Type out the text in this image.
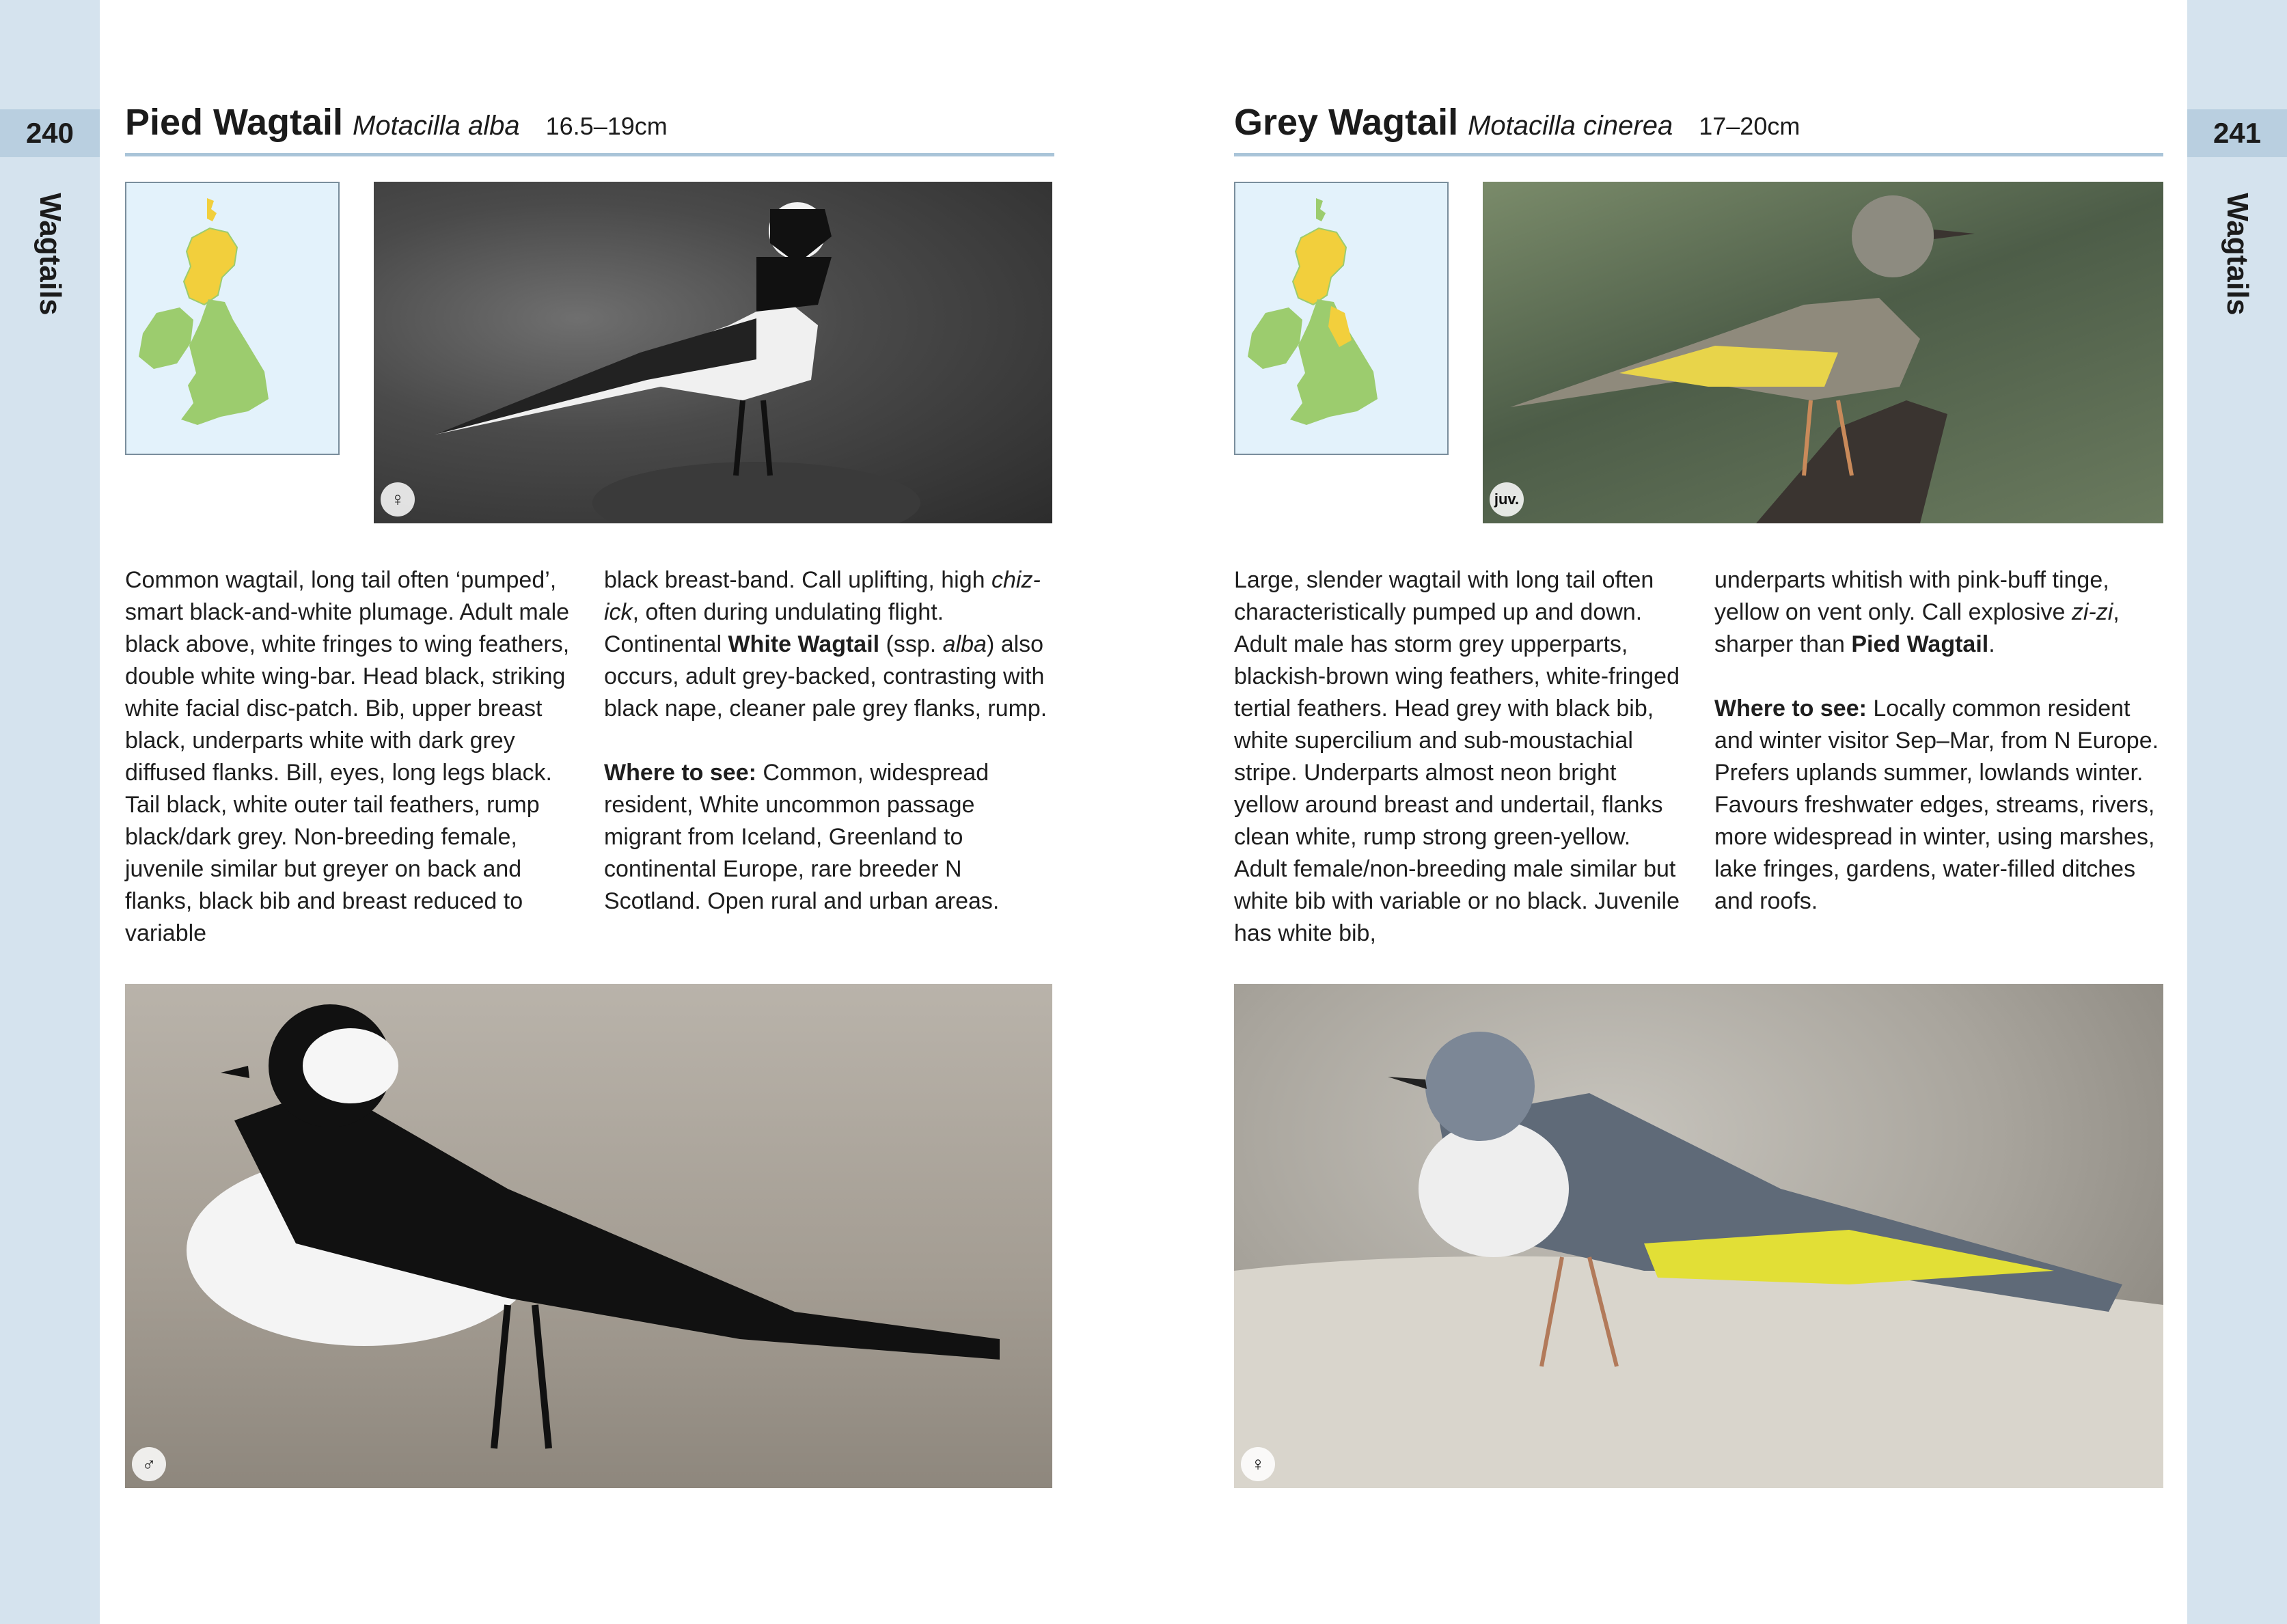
240	241
Wagtails	Wagtails
Pied Wagtail Motacilla alba 16.5–19cm
♀

Common wagtail, long tail often ‘pumped’, smart black-and-white plumage. Adult male black above, white fringes to wing feathers, double white wing-bar. Head black, striking white facial disc-patch. Bib, upper breast black, underparts white with dark grey diffused flanks. Bill, eyes, long legs black. Tail black, white outer tail feathers, rump black/dark grey. Non-breeding female, juvenile similar but greyer on back and flanks, black bib and breast reduced to variable

black breast-band. Call uplifting, high chiz-ick, often during undulating flight. Continental White Wagtail (ssp. alba) also occurs, adult grey-backed, contrasting with black nape, cleaner pale grey flanks, rump.

Where to see: Common, widespread resident, White uncommon passage migrant from Iceland, Greenland to continental Europe, rare breeder N Scotland. Open rural and urban areas.

♂
Grey Wagtail Motacilla cinerea 17–20cm
juv.

Large, slender wagtail with long tail often characteristically pumped up and down. Adult male has storm grey upperparts, blackish-brown wing feathers, white-fringed tertial feathers. Head grey with black bib, white supercilium and sub-moustachial stripe. Underparts almost neon bright yellow around breast and undertail, flanks clean white, rump strong green-yellow. Adult female/non-breeding male similar but white bib with variable or no black. Juvenile has white bib,

underparts whitish with pink-buff tinge, yellow on vent only. Call explosive zi-zi, sharper than Pied Wagtail.

Where to see: Locally common resident and winter visitor Sep–Mar, from N Europe. Prefers uplands summer, lowlands winter. Favours freshwater edges, streams, rivers, more widespread in winter, using marshes, lake fringes, gardens, water-filled ditches and roofs.

♀
